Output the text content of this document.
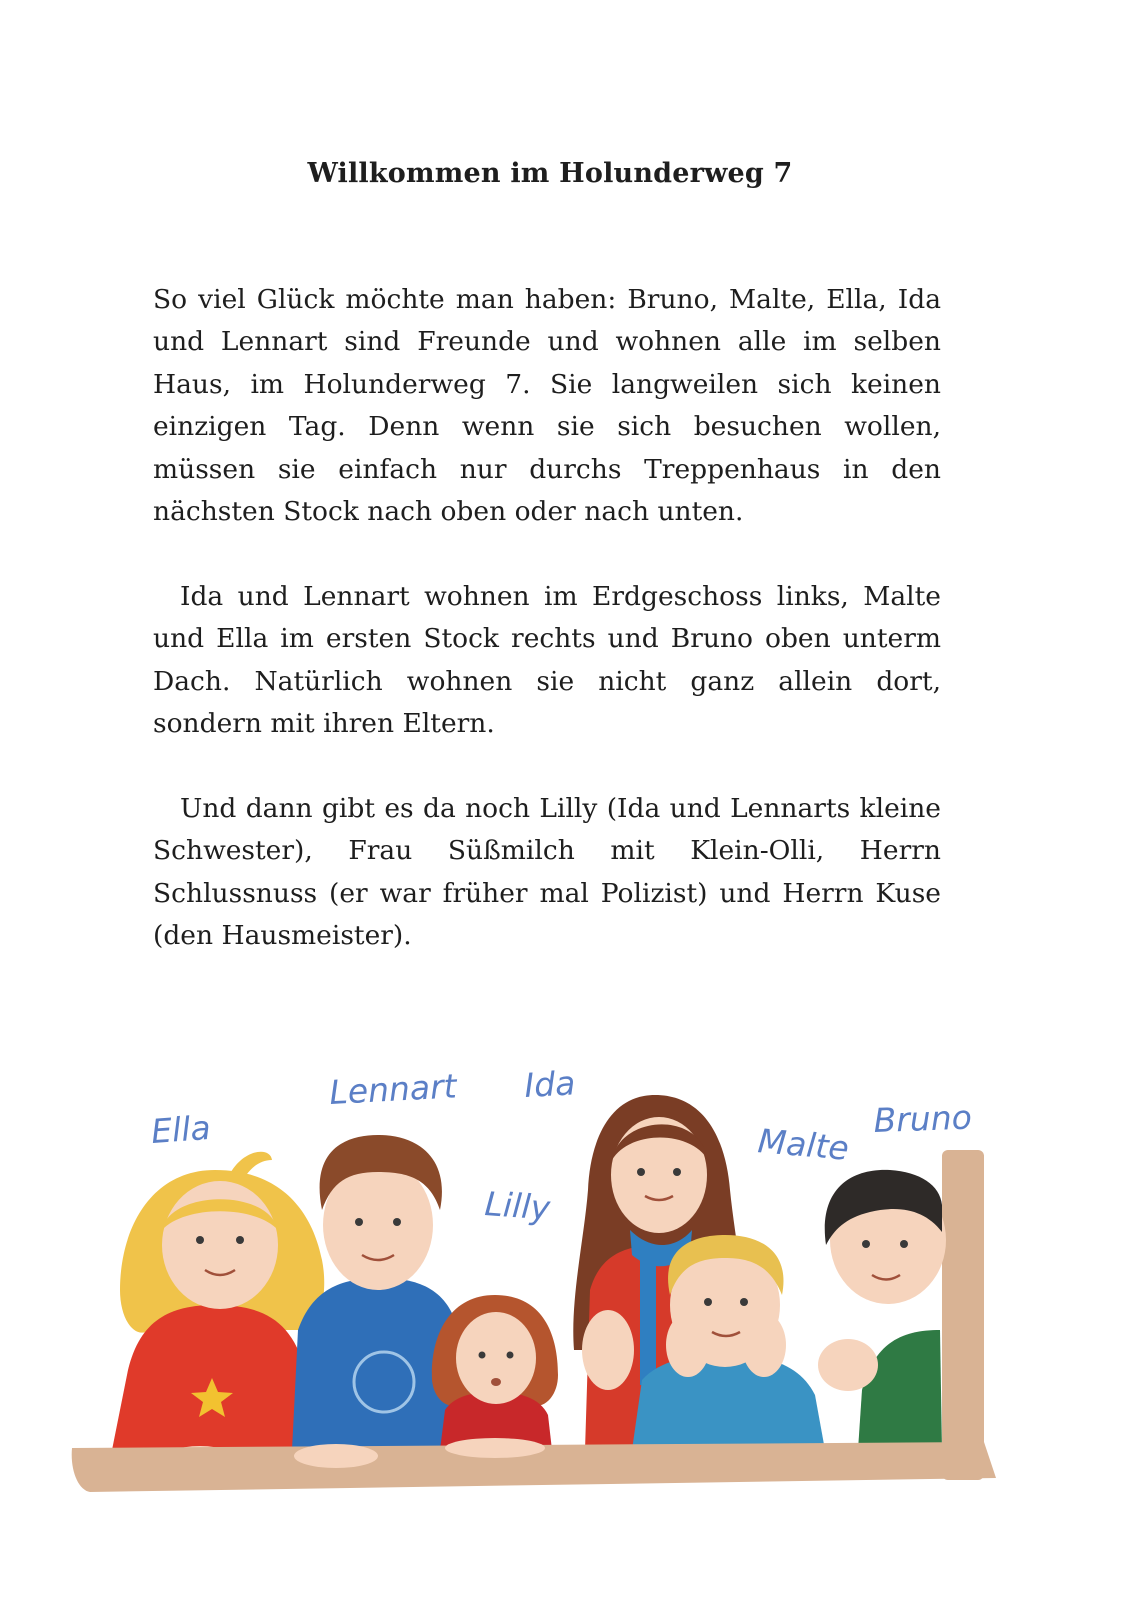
Willkommen im Holunderweg 7

So viel Glück möchte man haben: Bruno, Malte, Ella, Ida und Lennart sind Freunde und wohnen alle im selben Haus, im Holunderweg 7. Sie langweilen sich keinen einzigen Tag. Denn wenn sie sich besuchen wollen, müssen sie einfach nur durchs Treppenhaus in den nächsten Stock nach oben oder nach unten.

Ida und Lennart wohnen im Erdgeschoss links, Malte und Ella im ersten Stock rechts und Bruno oben unterm Dach. Natürlich wohnen sie nicht ganz allein dort, sondern mit ihren Eltern.

Und dann gibt es da noch Lilly (Ida und Lennarts kleine Schwester), Frau Süßmilch mit Klein-Olli, Herrn Schlussnuss (er war früher mal Polizist) und Herrn Kuse (den Hausmeister).

Ella
Lennart Ida
Lilly
Malte
Bruno
